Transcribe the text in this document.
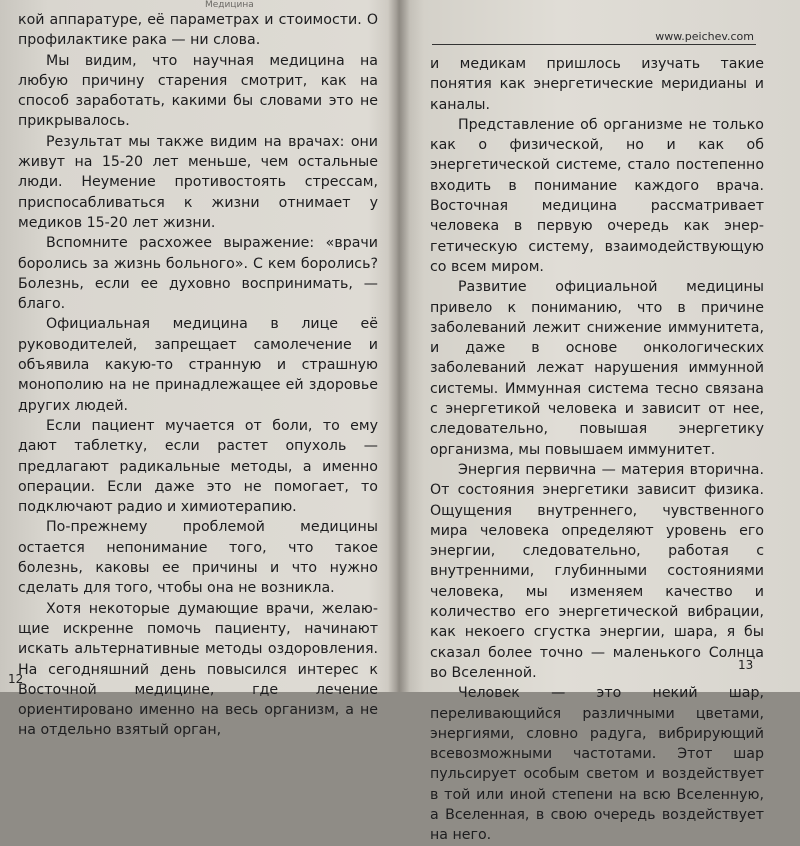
Медицина

кой аппаратуре, её параметрах и стоимости. О профилактике рака — ни слова.

Мы видим, что научная медицина на любую причину старения смотрит, как на способ заработать, какими бы словами это не прикрывалось.

Результат мы также видим на врачах: они живут на 15-20 лет меньше, чем остальные люди. Неумение противостоять стрессам, приспосабливаться к жизни отнимает у медиков 15-20 лет жизни.

Вспомните расхожее выражение: «врачи боролись за жизнь больного». С кем боролись? Болезнь, если ее духовно воспринимать, — благо.

Официальная медицина в лице её руководителей, запрещает самолечение и объявила какую-то странную и страшную монополию на не принадлежащее ей здоровье других людей.

Если пациент мучается от боли, то ему дают таблетку, если растет опухоль — предлагают радикальные методы, а именно операции. Если даже это не помогает, то подключают радио и химиотерапию.

По-прежнему проблемой медицины остается непонимание того, что такое болезнь, каковы ее причины и что нужно сделать для того, чтобы она не возникла.

Хотя некоторые думающие врачи, желающие искренне помочь пациенту, начинают искать альтернативные методы оздоровления. На сегодняшний день повысился интерес к Восточной медицине, где лечение ориентировано именно на весь организм, а не на отдельно взятый орган,

12
www.peichev.com

и медикам пришлось изучать такие понятия как энергетические меридианы и каналы.

Представление об организме не только как о физической, но и как об энергетической системе, стало постепенно входить в понимание каждого врача. Восточная медицина рассматривает человека в первую очередь как энергетическую систему, взаимодействующую со всем миром.

Развитие официальной медицины привело к пониманию, что в причине заболеваний лежит снижение иммунитета, и даже в основе онкологических заболеваний лежат нарушения иммунной системы. Иммунная система тесно связана с энергетикой человека и зависит от нее, следовательно, повышая энергетику организма, мы повышаем иммунитет.

Энергия первична — материя вторична. От состояния энергетики зависит физика. Ощущения внутреннего, чувственного мира человека определяют уровень его энергии, следовательно, работая с внутренними, глубинными состояниями человека, мы изменяем качество и количество его энергетической вибрации, как некоего сгустка энергии, шара, я бы сказал более точно — маленького Солнца во Вселенной.

Человек — это некий шар, переливающийся различными цветами, энергиями, словно радуга, вибрирующий всевозможными частотами. Этот шар пульсирует особым светом и воздействует в той или иной степени на всю Вселенную, а Вселенная, в свою очередь воздействует на него.

13
